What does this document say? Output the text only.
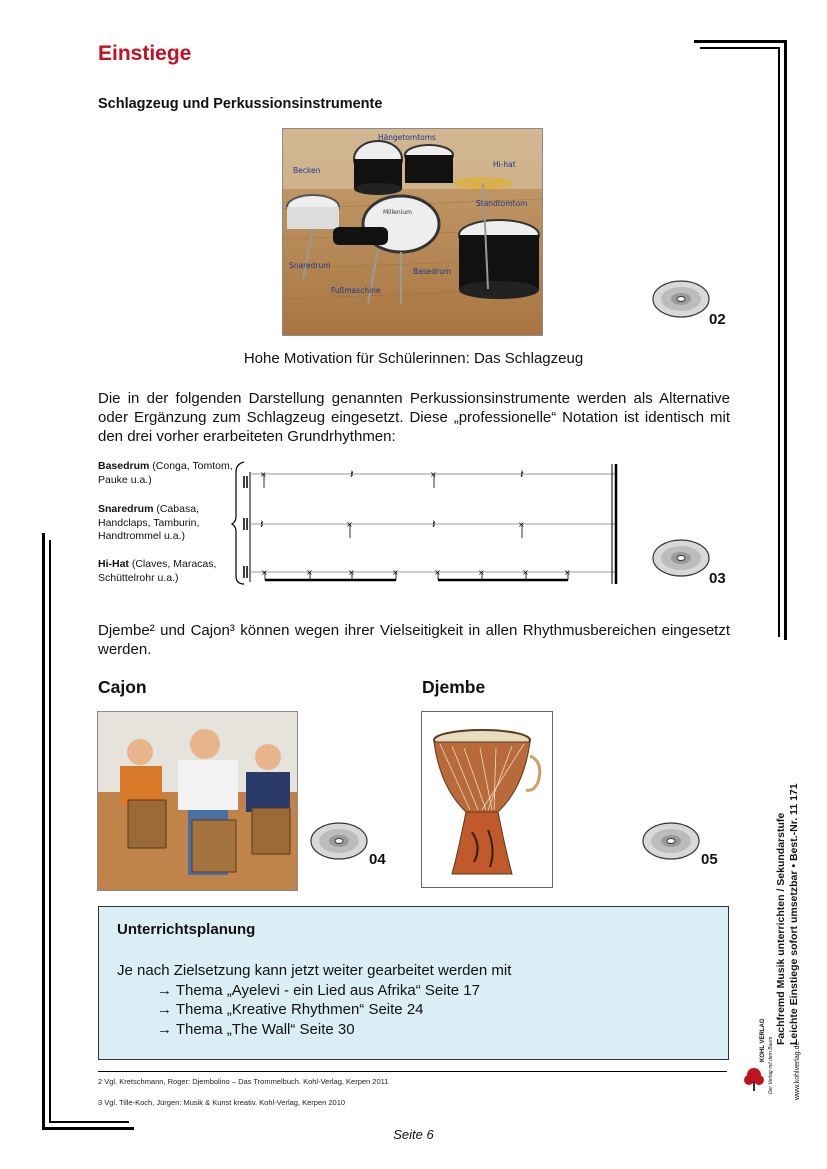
Einstiege
Schlagzeug und Perkussionsinstrumente
Millenium
Hängetomtoms
Becken
Hi-hat
Standtomtom
Snaredrum
Basedrum
Fußmaschine
02
Hohe Motivation für Schülerinnen: Das Schlagzeug
Die in der folgenden Darstellung genannten Perkussionsinstrumente werden als Alternative oder Ergänzung zum Schlagzeug eingesetzt. Diese „professionelle“ Notation ist identisch mit den drei vorher erarbeiteten Grundrhythmen:
Basedrum (Conga, Tomtom, Pauke u.a.)
Snaredrum (Cabasa, Handclaps, Tamburin, Handtrommel u.a.)
Hi-Hat (Claves, Maracas, Schüttelrohr u.a.)
×	𝄽	×	𝄽
𝄽	×	𝄽	×
×	×	×	×	×	×	×	×	03
Djembe² und Cajon³ können wegen ihrer Vielseitigkeit in allen Rhythmusbereichen eingesetzt werden.
Cajon	Djembe
04	05
Unterrichtsplanung
Je nach Zielsetzung kann jetzt weiter gearbeitet werden mit
→ Thema „Ayelevi - ein Lied aus Afrika“ Seite 17
→ Thema „Kreative Rhythmen“ Seite 24
→ Thema „The Wall“ Seite 30
2 Vgl. Kretschmann, Roger: Djembolino – Das Trommelbuch. Kohl-Verlag, Kerpen 2011
3 Vgl. Tille-Koch, Jürgen: Musik & Kunst kreativ. Kohl-Verlag, Kerpen 2010
Fachfremd Musik unterrichten / Sekundarstufe Leichte Einstiege sofort umsetzbar • Best.-Nr. 11 171
www.kohlverlag.de
KOHL VERLAG Der Verlag mit dem Baum
Seite 6
